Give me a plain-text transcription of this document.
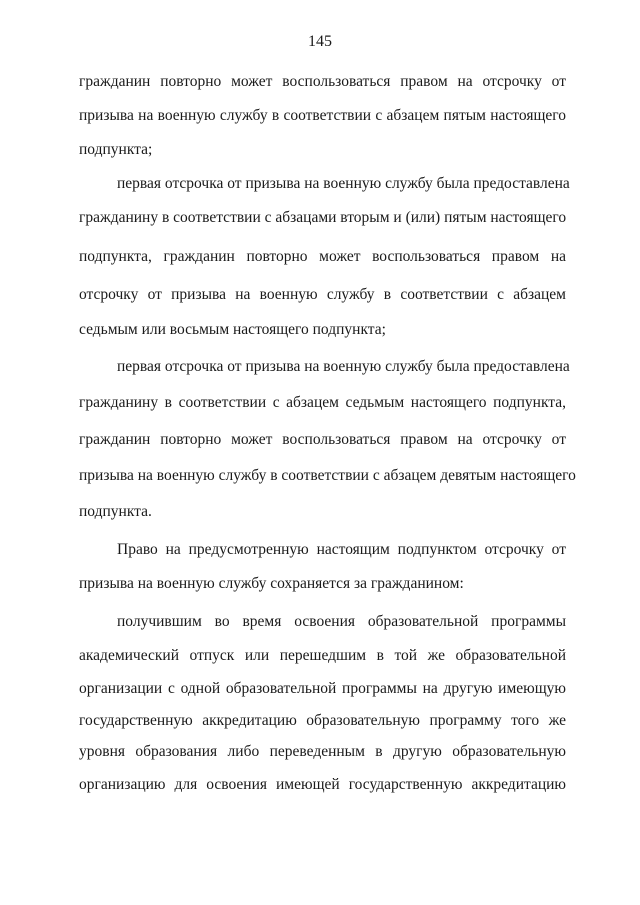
145
гражданин повторно может воспользоваться правом на отсрочку от
призыва на военную службу в соответствии с абзацем пятым настоящего
подпункта;
первая отсрочка от призыва на военную службу была предоставлена
гражданину в соответствии с абзацами вторым и (или) пятым настоящего
подпункта, гражданин повторно может воспользоваться правом на
отсрочку от призыва на военную службу в соответствии с абзацем
седьмым или восьмым настоящего подпункта;
первая отсрочка от призыва на военную службу была предоставлена
гражданину в соответствии с абзацем седьмым настоящего подпункта,
гражданин повторно может воспользоваться правом на отсрочку от
призыва на военную службу в соответствии с абзацем девятым настоящего
подпункта.
Право на предусмотренную настоящим подпунктом отсрочку от
призыва на военную службу сохраняется за гражданином:
получившим во время освоения образовательной программы
академический отпуск или перешедшим в той же образовательной
организации с одной образовательной программы на другую имеющую
государственную аккредитацию образовательную программу того же
уровня образования либо переведенным в другую образовательную
организацию для освоения имеющей государственную аккредитацию
